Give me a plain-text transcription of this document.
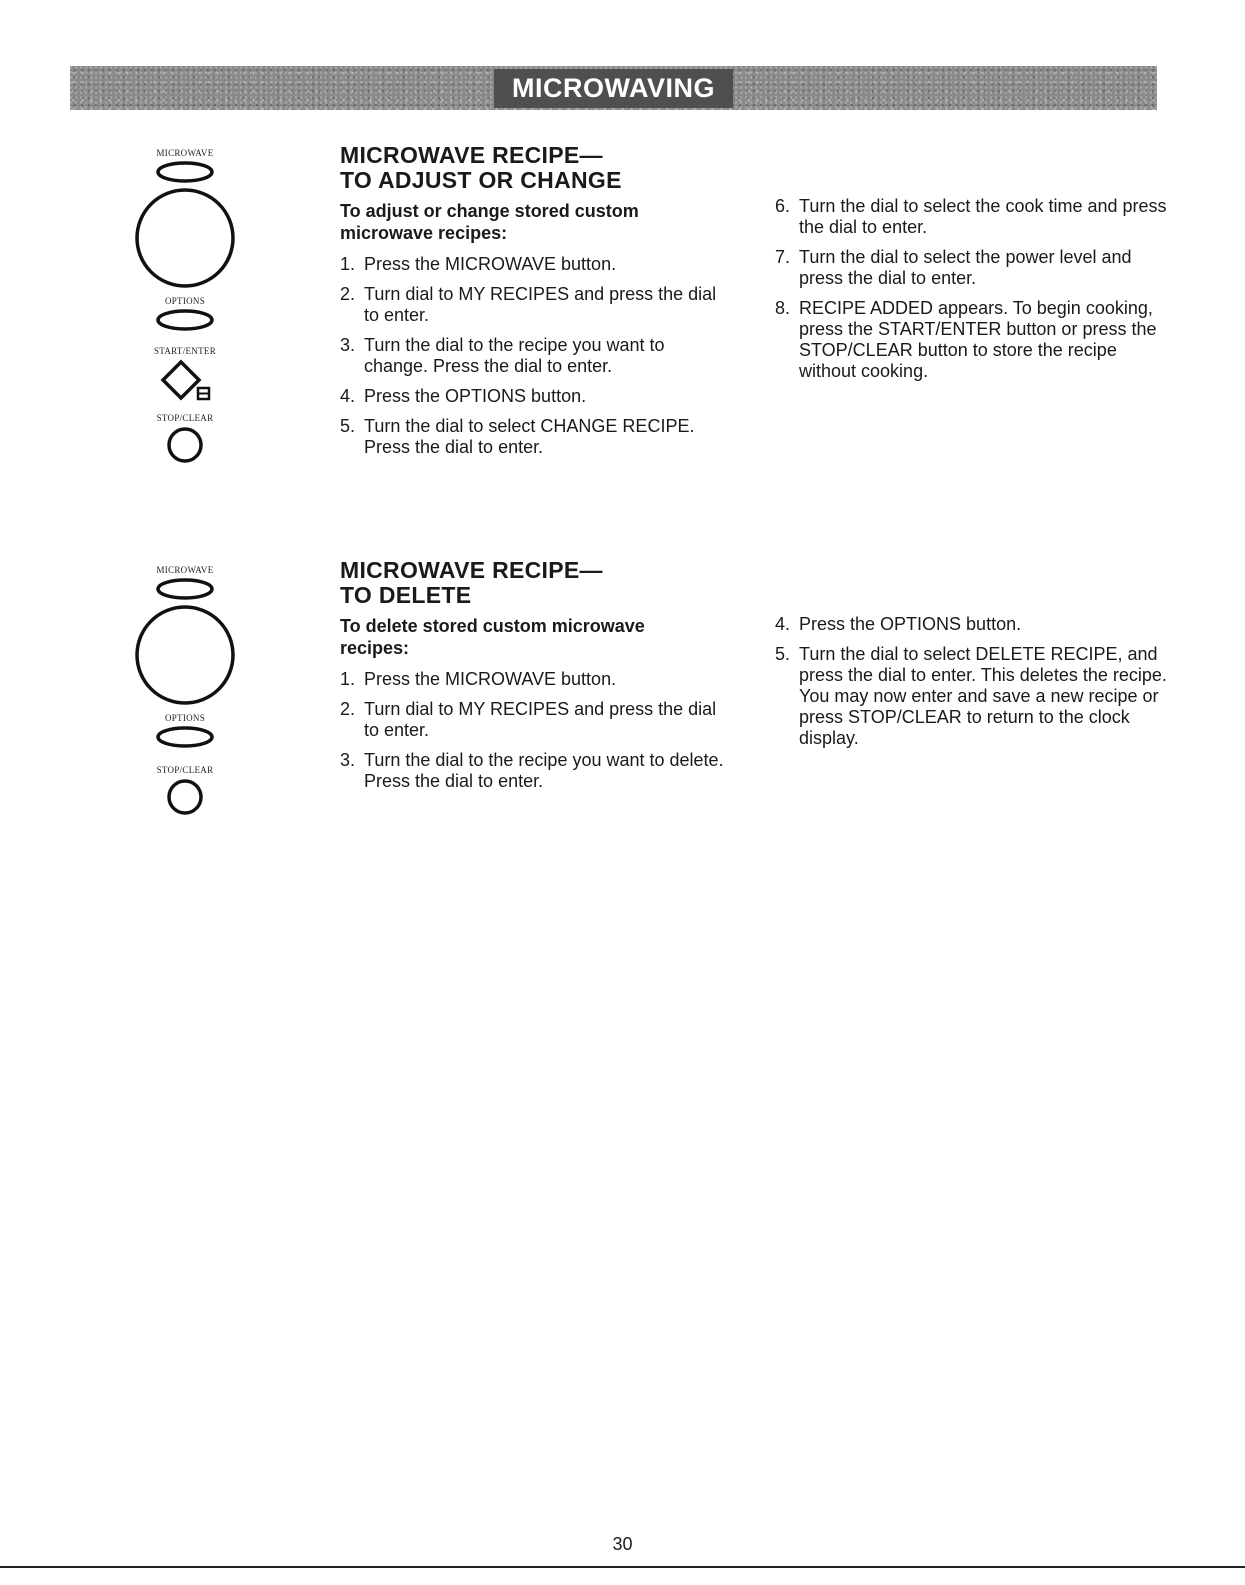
MICROWAVING
MICROWAVE
OPTIONS
START/ENTER
STOP/CLEAR
MICROWAVE RECIPE—
TO ADJUST OR CHANGE

To adjust or change stored custom
microwave recipes:

1. Press the MICROWAVE button.
2. Turn dial to MY RECIPES and press the dial to enter.
3. Turn the dial to the recipe you want to change. Press the dial to enter.
4. Press the OPTIONS button.
5. Turn the dial to select CHANGE RECIPE. Press the dial to enter.
6. Turn the dial to select the cook time and press the dial to enter.
7. Turn the dial to select the power level and press the dial to enter.
8. RECIPE ADDED appears. To begin cooking, press the START/ENTER button or press the STOP/CLEAR button to store the recipe without cooking.
MICROWAVE
OPTIONS
STOP/CLEAR
MICROWAVE RECIPE—
TO DELETE

To delete stored custom microwave
recipes:

1. Press the MICROWAVE button.
2. Turn dial to MY RECIPES and press the dial to enter.
3. Turn the dial to the recipe you want to delete. Press the dial to enter.
4. Press the OPTIONS button.
5. Turn the dial to select DELETE RECIPE, and press the dial to enter. This deletes the recipe. You may now enter and save a new recipe or press STOP/CLEAR to return to the clock display.
30
